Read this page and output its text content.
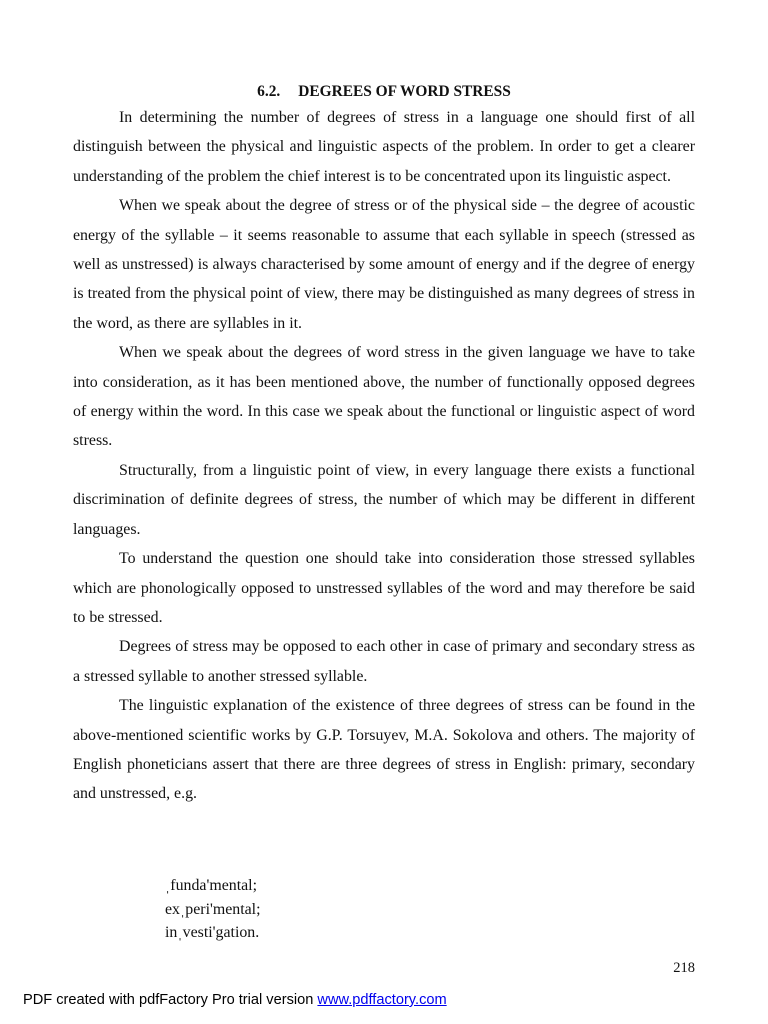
6.2. DEGREES OF WORD STRESS

In determining the number of degrees of stress in a language one should first of all distinguish between the physical and linguistic aspects of the problem. In order to get a clearer understanding of the problem the chief interest is to be concentrated upon its linguistic aspect.

When we speak about the degree of stress or of the physical side – the degree of acoustic energy of the syllable – it seems reasonable to assume that each syllable in speech (stressed as well as unstressed) is always characterised by some amount of energy and if the degree of energy is treated from the physical point of view, there may be distinguished as many degrees of stress in the word, as there are syllables in it.

When we speak about the degrees of word stress in the given language we have to take into consideration, as it has been mentioned above, the number of functionally opposed degrees of energy within the word. In this case we speak about the functional or linguistic aspect of word stress.

Structurally, from a linguistic point of view, in every language there exists a functional discrimination of definite degrees of stress, the number of which may be different in different languages.

To understand the question one should take into consideration those stressed syllables which are phonologically opposed to unstressed syllables of the word and may therefore be said to be stressed.

Degrees of stress may be opposed to each other in case of primary and secondary stress as a stressed syllable to another stressed syllable.

The linguistic explanation of the existence of three degrees of stress can be found in the above-mentioned scientific works by G.P. Torsuyev, M.A. Sokolova and others. The majority of English phoneticians assert that there are three degrees of stress in English: primary, secondary and unstressed, e.g.

ˌfunda'mental;
exˌperi'mental;
inˌvesti'gation.
218
PDF created with pdfFactory Pro trial version www.pdffactory.com
